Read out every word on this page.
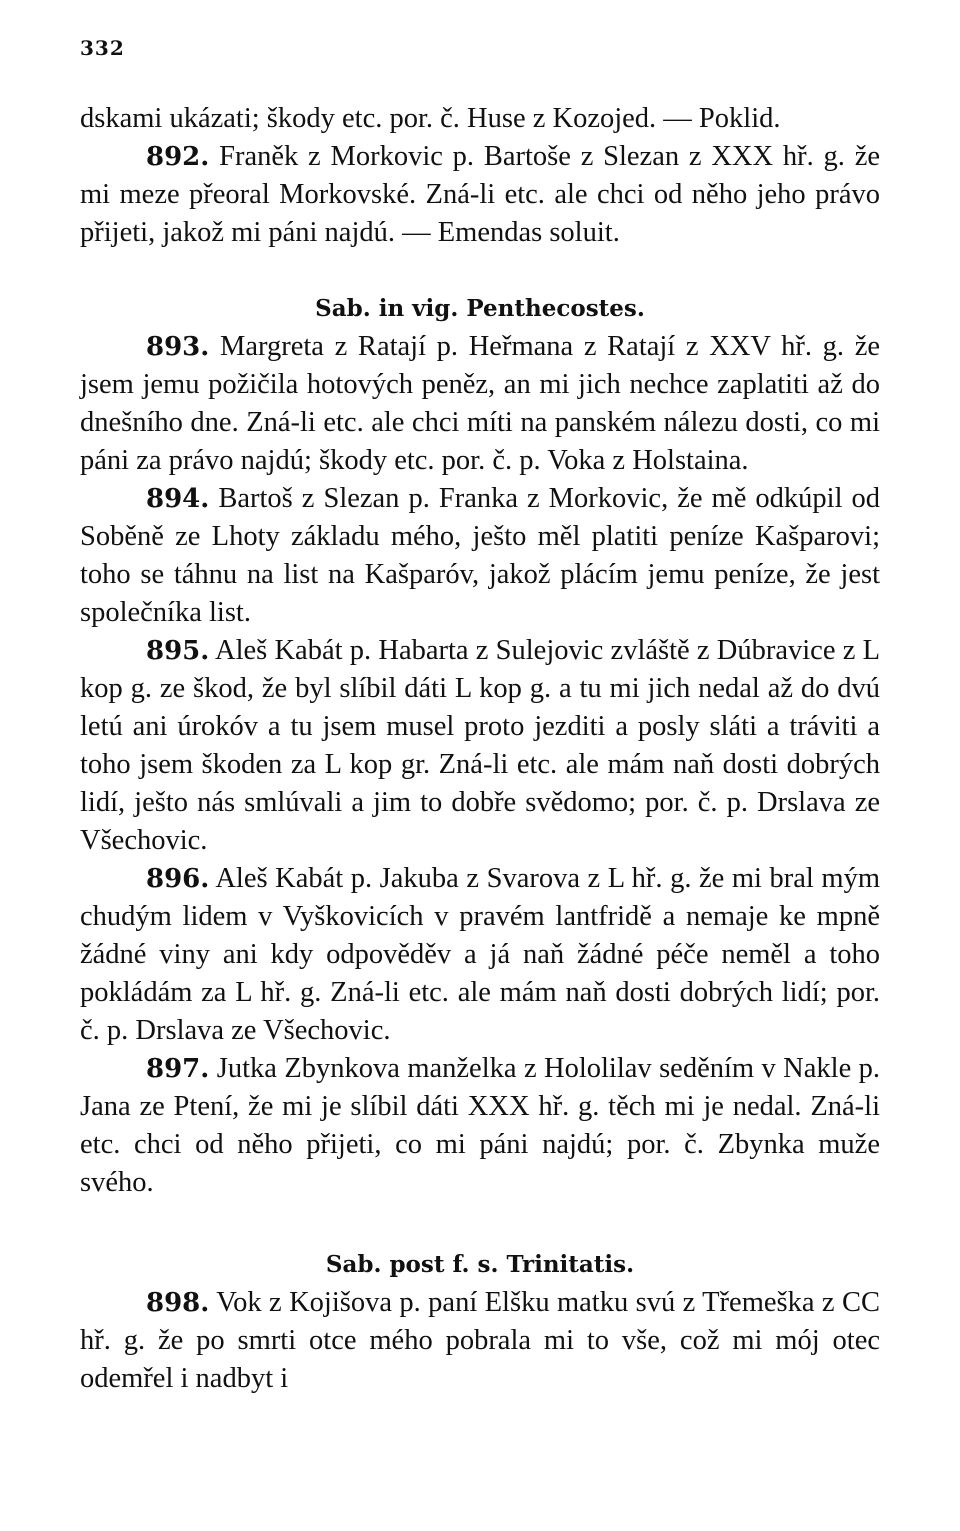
332

dskami ukázati; škody etc. por. č. Huse z Kozojed. — Poklid.

892. Franěk z Morkovic p. Bartoše z Slezan z XXX hř. g. že mi meze přeoral Morkovské. Zná-li etc. ale chci od něho jeho právo přijeti, jakož mi páni najdú. — Emendas soluit.

Sab. in vig. Penthecostes.

893. Margreta z Ratají p. Heřmana z Ratají z XXV hř. g. že jsem jemu požičila hotových peněz, an mi jich nechce zaplatiti až do dnešního dne. Zná-li etc. ale chci míti na panském nálezu dosti, co mi páni za právo najdú; škody etc. por. č. p. Voka z Holstaina.

894. Bartoš z Slezan p. Franka z Morkovic, že mě odkúpil od Soběně ze Lhoty základu mého, ješto měl platiti peníze Kašparovi; toho se táhnu na list na Kašparóv, jakož plácím jemu peníze, že jest společníka list.

895. Aleš Kabát p. Habarta z Sulejovic zvláště z Dúbravice z L kop g. ze škod, že byl slíbil dáti L kop g. a tu mi jich nedal až do dvú letú ani úrokóv a tu jsem musel proto jezditi a posly sláti a tráviti a toho jsem škoden za L kop gr. Zná-li etc. ale mám naň dosti dobrých lidí, ješto nás smlúvali a jim to dobře svědomo; por. č. p. Drslava ze Všechovic.

896. Aleš Kabát p. Jakuba z Svarova z L hř. g. že mi bral mým chudým lidem v Vyškovicích v pravém lantfridě a nemaje ke mpně žádné viny ani kdy odpověděv a já naň žádné péče neměl a toho pokládám za L hř. g. Zná-li etc. ale mám naň dosti dobrých lidí; por. č. p. Drslava ze Všechovic.

897. Jutka Zbynkova manželka z Hololilav seděním v Nakle p. Jana ze Ptení, že mi je slíbil dáti XXX hř. g. těch mi je nedal. Zná-li etc. chci od něho přijeti, co mi páni najdú; por. č. Zbynka muže svého.

Sab. post f. s. Trinitatis.

898. Vok z Kojišova p. paní Elšku matku svú z Třemeška z CC hř. g. že po smrti otce mého pobrala mi to vše, což mi mój otec odemřel i nadbyt i
